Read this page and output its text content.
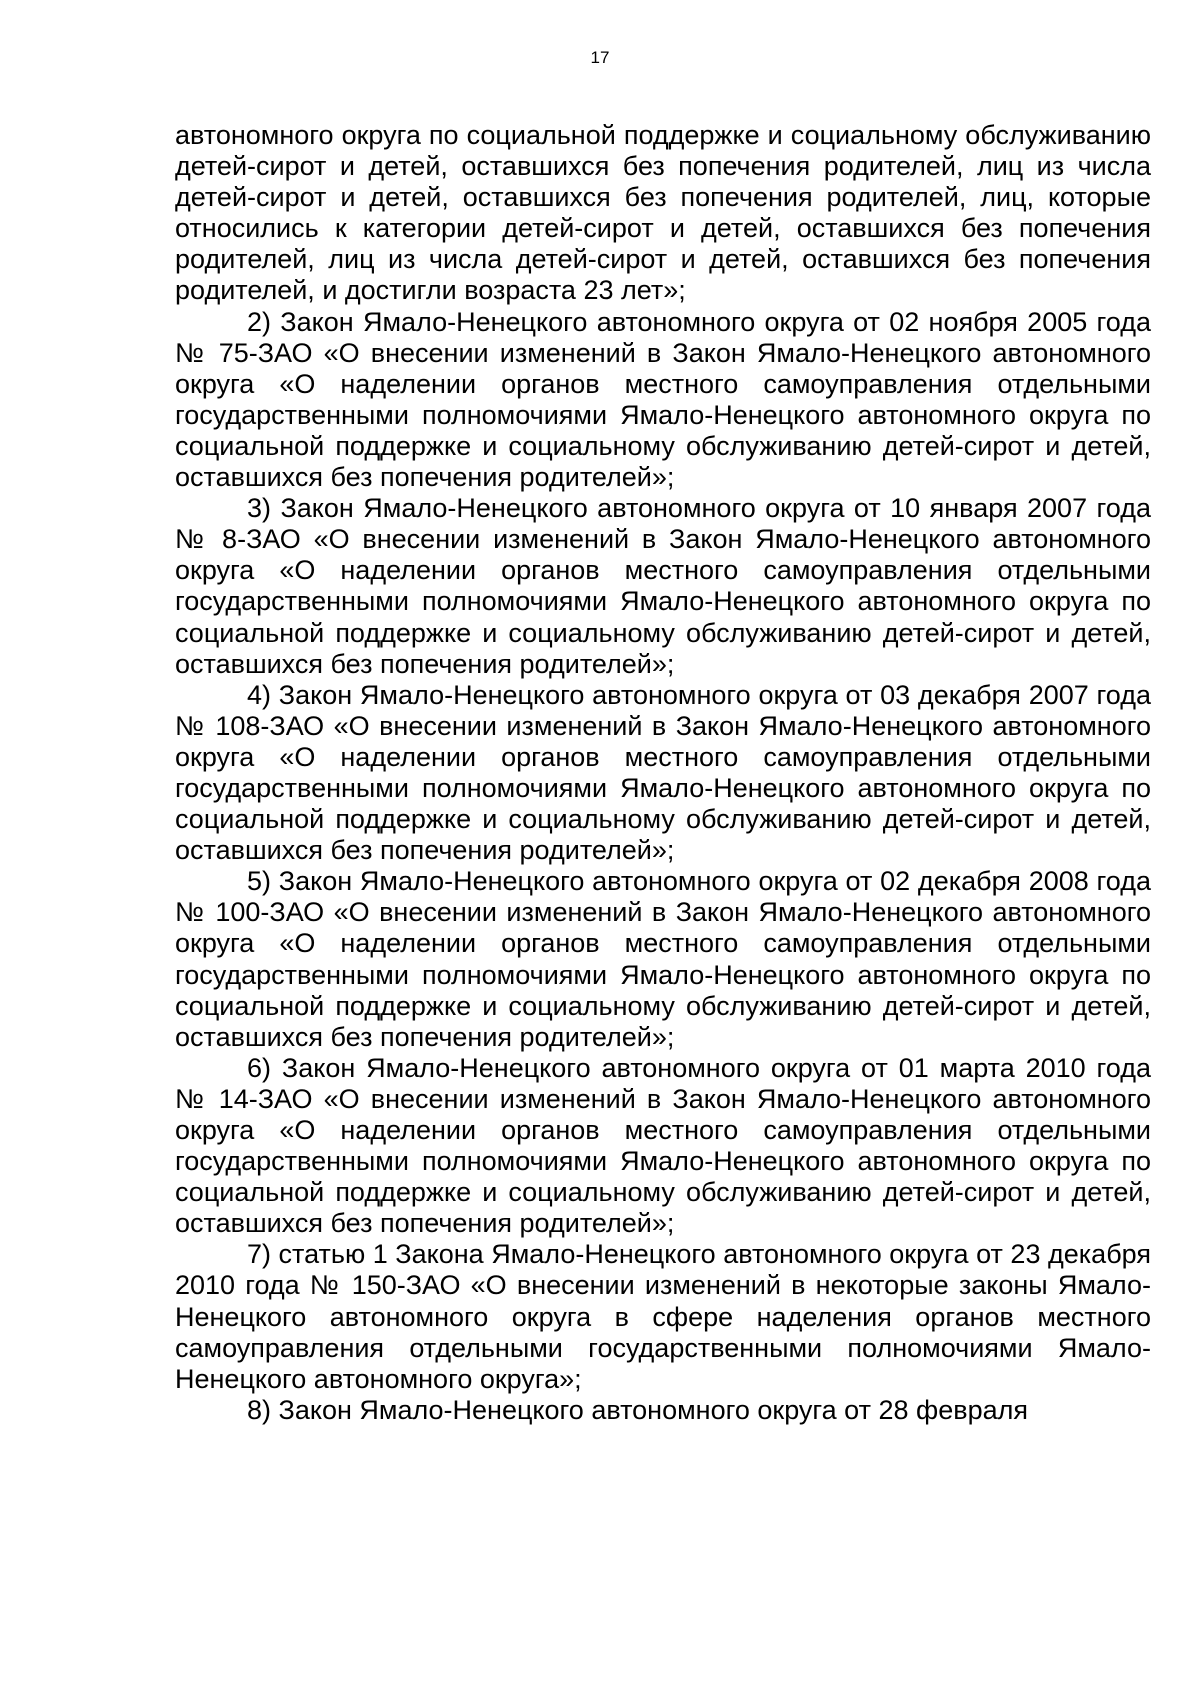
17

автономного округа по социальной поддержке и социальному обслуживанию детей-сирот и детей, оставшихся без попечения родителей, лиц из числа детей-сирот и детей, оставшихся без попечения родителей, лиц, которые относились к категории детей-сирот и детей, оставшихся без попечения родителей, лиц из числа детей-сирот и детей, оставшихся без попечения родителей, и достигли возраста 23 лет»;

2) Закон Ямало-Ненецкого автономного округа от 02 ноября 2005 года № 75-ЗАО «О внесении изменений в Закон Ямало-Ненецкого автономного округа «О наделении органов местного самоуправления отдельными государственными полномочиями Ямало-Ненецкого автономного округа по социальной поддержке и социальному обслуживанию детей-сирот и детей, оставшихся без попечения родителей»;

3) Закон Ямало-Ненецкого автономного округа от 10 января 2007 года № 8-ЗАО «О внесении изменений в Закон Ямало-Ненецкого автономного округа «О наделении органов местного самоуправления отдельными государственными полномочиями Ямало-Ненецкого автономного округа по социальной поддержке и социальному обслуживанию детей-сирот и детей, оставшихся без попечения родителей»;

4) Закон Ямало-Ненецкого автономного округа от 03 декабря 2007 года № 108-ЗАО «О внесении изменений в Закон Ямало-Ненецкого автономного округа «О наделении органов местного самоуправления отдельными государственными полномочиями Ямало-Ненецкого автономного округа по социальной поддержке и социальному обслуживанию детей-сирот и детей, оставшихся без попечения родителей»;

5) Закон Ямало-Ненецкого автономного округа от 02 декабря 2008 года № 100-ЗАО «О внесении изменений в Закон Ямало-Ненецкого автономного округа «О наделении органов местного самоуправления отдельными государственными полномочиями Ямало-Ненецкого автономного округа по социальной поддержке и социальному обслуживанию детей-сирот и детей, оставшихся без попечения родителей»;

6) Закон Ямало-Ненецкого автономного округа от 01 марта 2010 года № 14-ЗАО «О внесении изменений в Закон Ямало-Ненецкого автономного округа «О наделении органов местного самоуправления отдельными государственными полномочиями Ямало-Ненецкого автономного округа по социальной поддержке и социальному обслуживанию детей-сирот и детей, оставшихся без попечения родителей»;

7) статью 1 Закона Ямало-Ненецкого автономного округа от 23 декабря 2010 года № 150-ЗАО «О внесении изменений в некоторые законы Ямало-Ненецкого автономного округа в сфере наделения органов местного самоуправления отдельными государственными полномочиями Ямало-Ненецкого автономного округа»;

8) Закон Ямало-Ненецкого автономного округа от 28 февраля
